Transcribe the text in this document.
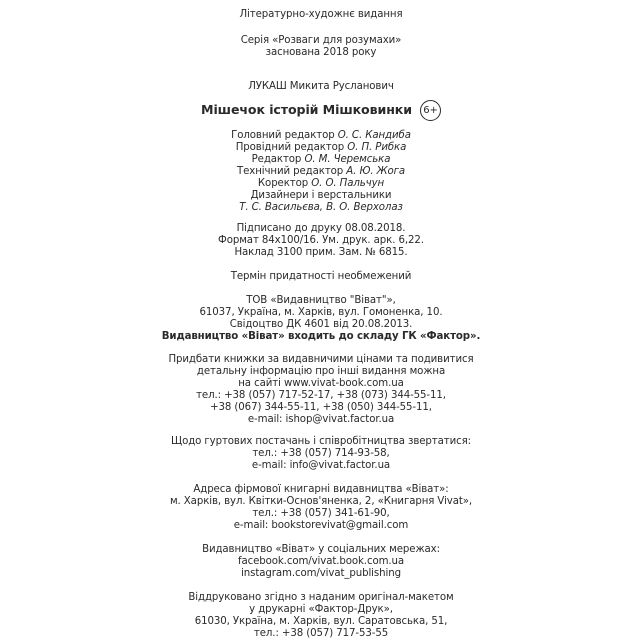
Літературно-художнє видання
Серія «Розваги для розумахи»
заснована 2018 року
ЛУКАШ Микита Русланович
Мішечок історій Мішковинки 6+
Головний редактор О. С. Кандиба
Провідний редактор О. П. Рибка
Редактор О. М. Черемська
Технічний редактор А. Ю. Жога
Коректор О. О. Пальчун
Дизайнери і верстальники
Т. С. Васильєва, В. О. Верхолаз
Підписано до друку 08.08.2018.
Формат 84x100/16. Ум. друк. арк. 6,22.
Наклад 3100 прим. Зам. № 6815.
Термін придатності необмежений
ТОВ «Видавництво "Віват"»,
61037, Україна, м. Харків, вул. Гомоненка, 10.
Свідоцтво ДК 4601 від 20.08.2013.
Видавництво «Віват» входить до складу ГК «Фактор».
Придбати книжки за видавничими цінами та подивитися
детальну інформацію про інші видання можна
на сайті www.vivat-book.com.ua
тел.: +38 (057) 717-52-17, +38 (073) 344-55-11,
+38 (067) 344-55-11, +38 (050) 344-55-11,
e-mail: ishop@vivat.factor.ua
Щодо гуртових постачань і співробітництва звертатися:
тел.: +38 (057) 714-93-58,
e-mail: info@vivat.factor.ua
Адреса фірмової книгарні видавництва «Віват»:
м. Харків, вул. Квітки-Основ'яненка, 2, «Книгарня Vivat»,
тел.: +38 (057) 341-61-90,
e-mail: bookstorevivat@gmail.com
Видавництво «Віват» у соціальних мережах:
facebook.com/vivat.book.com.ua
instagram.com/vivat_publishing
Віддруковано згідно з наданим оригінал-макетом
у друкарні «Фактор-Друк»,
61030, Україна, м. Харків, вул. Саратовська, 51,
тел.: +38 (057) 717-53-55
